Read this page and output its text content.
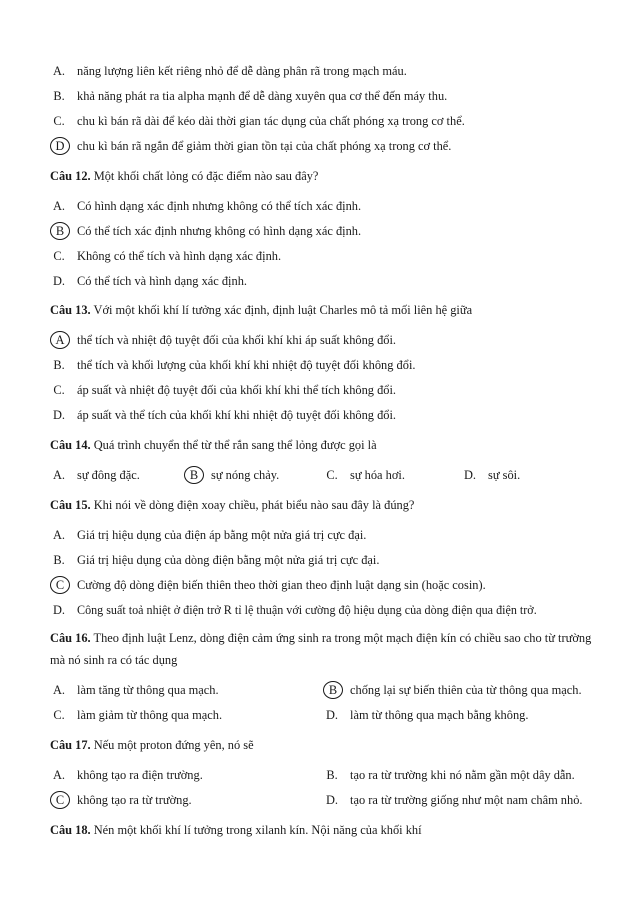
A. năng lượng liên kết riêng nhỏ để dễ dàng phân rã trong mạch máu.
B. khả năng phát ra tia alpha mạnh để dễ dàng xuyên qua cơ thể đến máy thu.
C. chu kì bán rã dài để kéo dài thời gian tác dụng của chất phóng xạ trong cơ thể.
D	chu kì bán rã ngắn để giảm thời gian tồn tại của chất phóng xạ trong cơ thể.
Câu 12. Một khối chất lỏng có đặc điểm nào sau đây?
A. Có hình dạng xác định nhưng không có thể tích xác định.
B	Có thể tích xác định nhưng không có hình dạng xác định.
C. Không có thể tích và hình dạng xác định.
D. Có thể tích và hình dạng xác định.
Câu 13. Với một khối khí lí tưởng xác định, định luật Charles mô tả mối liên hệ giữa
A	thể tích và nhiệt độ tuyệt đối của khối khí khi áp suất không đổi.
B. thể tích và khối lượng của khối khí khi nhiệt độ tuyệt đối không đổi.
C. áp suất và nhiệt độ tuyệt đối của khối khí khi thể tích không đổi.
D. áp suất và thể tích của khối khí khi nhiệt độ tuyệt đối không đổi.
Câu 14. Quá trình chuyển thể từ thể rắn sang thể lỏng được gọi là
A. sự đông đặc.	B	sự nóng chảy.	C. sự hóa hơi.	D. sự sôi.
Câu 15. Khi nói về dòng điện xoay chiều, phát biểu nào sau đây là đúng?
A. Giá trị hiệu dụng của điện áp bằng một nửa giá trị cực đại.
B. Giá trị hiệu dụng của dòng điện bằng một nửa giá trị cực đại.
C	Cường độ dòng điện biến thiên theo thời gian theo định luật dạng sin (hoặc cosin).
D. Công suất toả nhiệt ở điện trở R tỉ lệ thuận với cường độ hiệu dụng của dòng điện qua điện trở.
Câu 16. Theo định luật Lenz, dòng điện cảm ứng sinh ra trong một mạch điện kín có chiều sao cho từ trường mà nó sinh ra có tác dụng
A. làm tăng từ thông qua mạch.	B	chống lại sự biến thiên của từ thông qua mạch.
C. làm giảm từ thông qua mạch.	D. làm từ thông qua mạch bằng không.
Câu 17. Nếu một proton đứng yên, nó sẽ
A. không tạo ra điện trường.	B. tạo ra từ trường khi nó nằm gần một dây dẫn.
C	không tạo ra từ trường.	D. tạo ra từ trường giống như một nam châm nhỏ.
Câu 18. Nén một khối khí lí tưởng trong xilanh kín. Nội năng của khối khí
